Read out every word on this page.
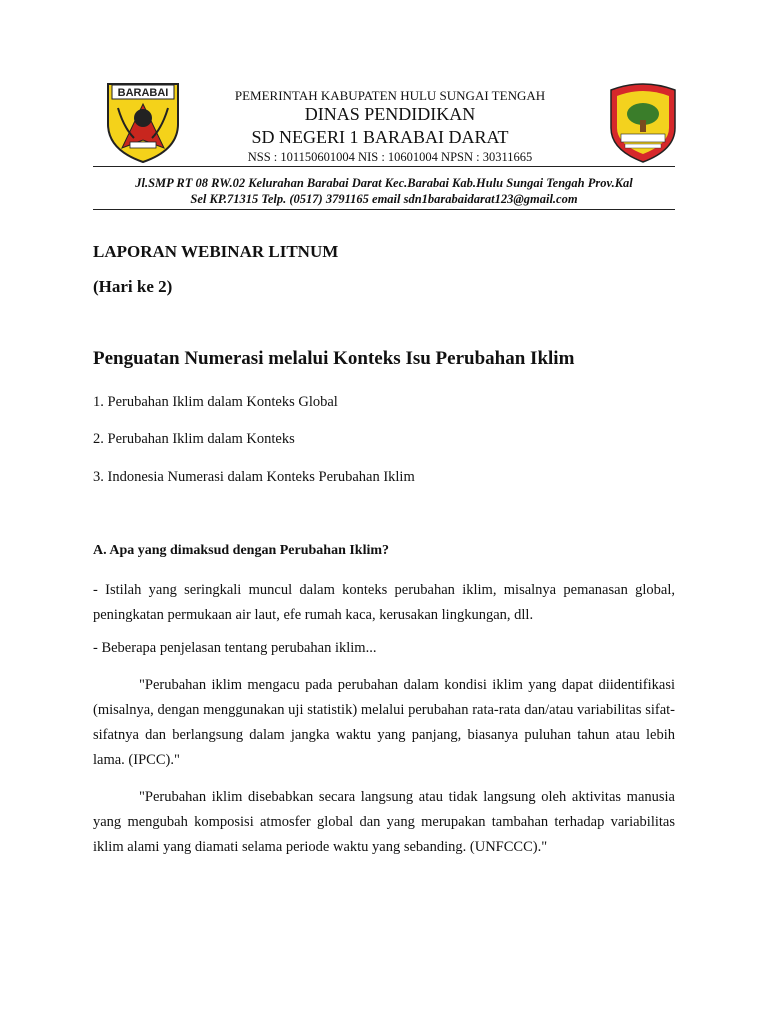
BARABAI	PEMERINTAH KABUPATEN HULU SUNGAI TENGAH
DINAS PENDIDIKAN
SD NEGERI 1 BARABAI DARAT
NSS : 101150601004 NIS : 10601004 NPSN : 30311665
Jl.SMP RT 08 RW.02 Kelurahan Barabai Darat Kec.Barabai Kab.Hulu Sungai Tengah Prov.Kal
Sel KP.71315 Telp. (0517) 3791165 email sdn1barabaidarat123@gmail.com
LAPORAN WEBINAR LITNUM
(Hari ke 2)
Penguatan Numerasi melalui Konteks Isu Perubahan Iklim
1. Perubahan Iklim dalam Konteks Global
2. Perubahan Iklim dalam Konteks
3. Indonesia Numerasi dalam Konteks Perubahan Iklim
A. Apa yang dimaksud dengan Perubahan Iklim?
- Istilah yang seringkali muncul dalam konteks perubahan iklim, misalnya pemanasan global, peningkatan permukaan air laut, efe rumah kaca, kerusakan lingkungan, dll.
- Beberapa penjelasan tentang perubahan iklim...
"Perubahan iklim mengacu pada perubahan dalam kondisi iklim yang dapat diidentifikasi (misalnya, dengan menggunakan uji statistik) melalui perubahan rata-rata dan/atau variabilitas sifat-sifatnya dan berlangsung dalam jangka waktu yang panjang, biasanya puluhan tahun atau lebih lama. (IPCC)."
"Perubahan iklim disebabkan secara langsung atau tidak langsung oleh aktivitas manusia yang mengubah komposisi atmosfer global dan yang merupakan tambahan terhadap variabilitas iklim alami yang diamati selama periode waktu yang sebanding. (UNFCCC)."
